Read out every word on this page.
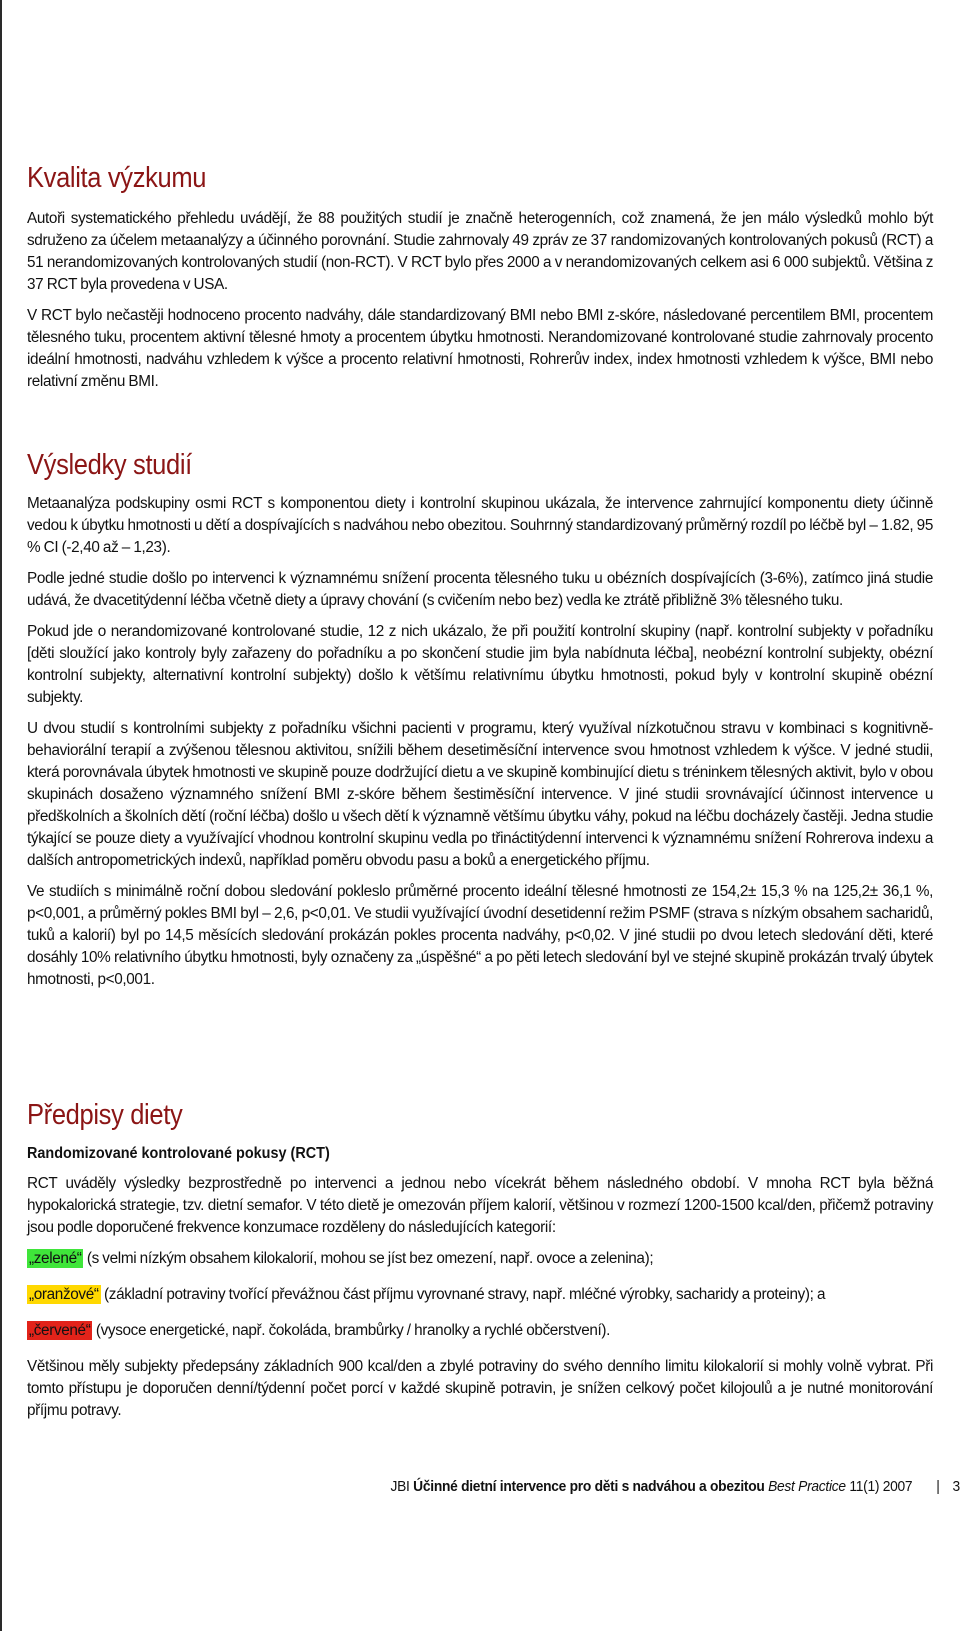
Kvalita výzkumu

Autoři systematického přehledu uvádějí, že 88 použitých studií je značně heterogenních, což znamená, že jen málo výsledků mohlo být sdruženo za účelem metaanalýzy a účinného porovnání. Studie zahrnovaly 49 zpráv ze 37 randomizovaných kontrolovaných pokusů (RCT) a 51 nerandomizovaných kontrolovaných studií (non-RCT). V RCT bylo přes 2000 a v nerandomizovaných celkem asi 6 000 subjektů. Většina z 37 RCT byla provedena v USA.

V RCT bylo nečastěji hodnoceno procento nadváhy, dále standardizovaný BMI nebo BMI z-skóre, následované percentilem BMI, procentem tělesného tuku, procentem aktivní tělesné hmoty a procentem úbytku hmotnosti. Nerandomizované kontrolované studie zahrnovaly procento ideální hmotnosti, nadváhu vzhledem k výšce a procento relativní hmotnosti, Rohrerův index, index hmotnosti vzhledem k výšce, BMI nebo relativní změnu BMI.

Výsledky studií

Metaanalýza podskupiny osmi RCT s komponentou diety i kontrolní skupinou ukázala, že intervence zahrnující komponentu diety účinně vedou k úbytku hmotnosti u dětí a dospívajících s nadváhou nebo obezitou. Souhrnný standardizovaný průměrný rozdíl po léčbě byl – 1.82, 95 % CI (-2,40 až – 1,23).

Podle jedné studie došlo po intervenci k významnému snížení procenta tělesného tuku u obézních dospívajících (3-6%), zatímco jiná studie udává, že dvacetitýdenní léčba včetně diety a úpravy chování (s cvičením nebo bez) vedla ke ztrátě přibližně 3% tělesného tuku.

Pokud jde o nerandomizované kontrolované studie, 12 z nich ukázalo, že při použití kontrolní skupiny (např. kontrolní subjekty v pořadníku [děti sloužící jako kontroly byly zařazeny do pořadníku a po skončení studie jim byla nabídnuta léčba], neobézní kontrolní subjekty, obézní kontrolní subjekty, alternativní kontrolní subjekty) došlo k většímu relativnímu úbytku hmotnosti, pokud byly v kontrolní skupině obézní subjekty.

U dvou studií s kontrolními subjekty z pořadníku všichni pacienti v programu, který využíval nízkotučnou stravu v kombinaci s kognitivně-behaviorální terapií a zvýšenou tělesnou aktivitou, snížili během desetiměsíční intervence svou hmotnost vzhledem k výšce. V jedné studii, která porovnávala úbytek hmotnosti ve skupině pouze dodržující dietu a ve skupině kombinující dietu s tréninkem tělesných aktivit, bylo v obou skupinách dosaženo významného snížení BMI z-skóre během šestiměsíční intervence. V jiné studii srovnávající účinnost intervence u předškolních a školních dětí (roční léčba) došlo u všech dětí k významně většímu úbytku váhy, pokud na léčbu docházely častěji. Jedna studie týkající se pouze diety a využívající vhodnou kontrolní skupinu vedla po třináctitýdenní intervenci k významnému snížení Rohrerova indexu a dalších antropometrických indexů, například poměru obvodu pasu a boků a energetického příjmu.

Ve studiích s minimálně roční dobou sledování pokleslo průměrné procento ideální tělesné hmotnosti ze 154,2± 15,3 % na 125,2± 36,1 %, p<0,001, a průměrný pokles BMI byl – 2,6, p<0,01. Ve studii využívající úvodní desetidenní režim PSMF (strava s nízkým obsahem sacharidů, tuků a kalorií) byl po 14,5 měsících sledování prokázán pokles procenta nadváhy, p<0,02. V jiné studii po dvou letech sledování děti, které dosáhly 10% relativního úbytku hmotnosti, byly označeny za „úspěšné“ a po pěti letech sledování byl ve stejné skupině prokázán trvalý úbytek hmotnosti, p<0,001.

Předpisy diety
Randomizované kontrolované pokusy (RCT)

RCT uváděly výsledky bezprostředně po intervenci a jednou nebo vícekrát během následného období. V mnoha RCT byla běžná hypokalorická strategie, tzv. dietní semafor. V této dietě je omezován příjem kalorií, většinou v rozmezí 1200-1500 kcal/den, přičemž potraviny jsou podle doporučené frekvence konzumace rozděleny do následujících kategorií:

„zelené“ (s velmi nízkým obsahem kilokalorií, mohou se jíst bez omezení, např. ovoce a zelenina);

„oranžové“ (základní potraviny tvořící převážnou část příjmu vyrovnané stravy, např. mléčné výrobky, sacharidy a proteiny); a

„červené“ (vysoce energetické, např. čokoláda, brambůrky / hranolky a rychlé občerstvení).

Většinou měly subjekty předepsány základních 900 kcal/den a zbylé potraviny do svého denního limitu kilokalorií si mohly volně vybrat. Při tomto přístupu je doporučen denní/týdenní počet porcí v každé skupině potravin, je snížen celkový počet kilojoulů a je nutné monitorování příjmu potravy.

JBI Účinné dietní intervence pro děti s nadváhou a obezitou Best Practice 11(1) 2007 | 3
